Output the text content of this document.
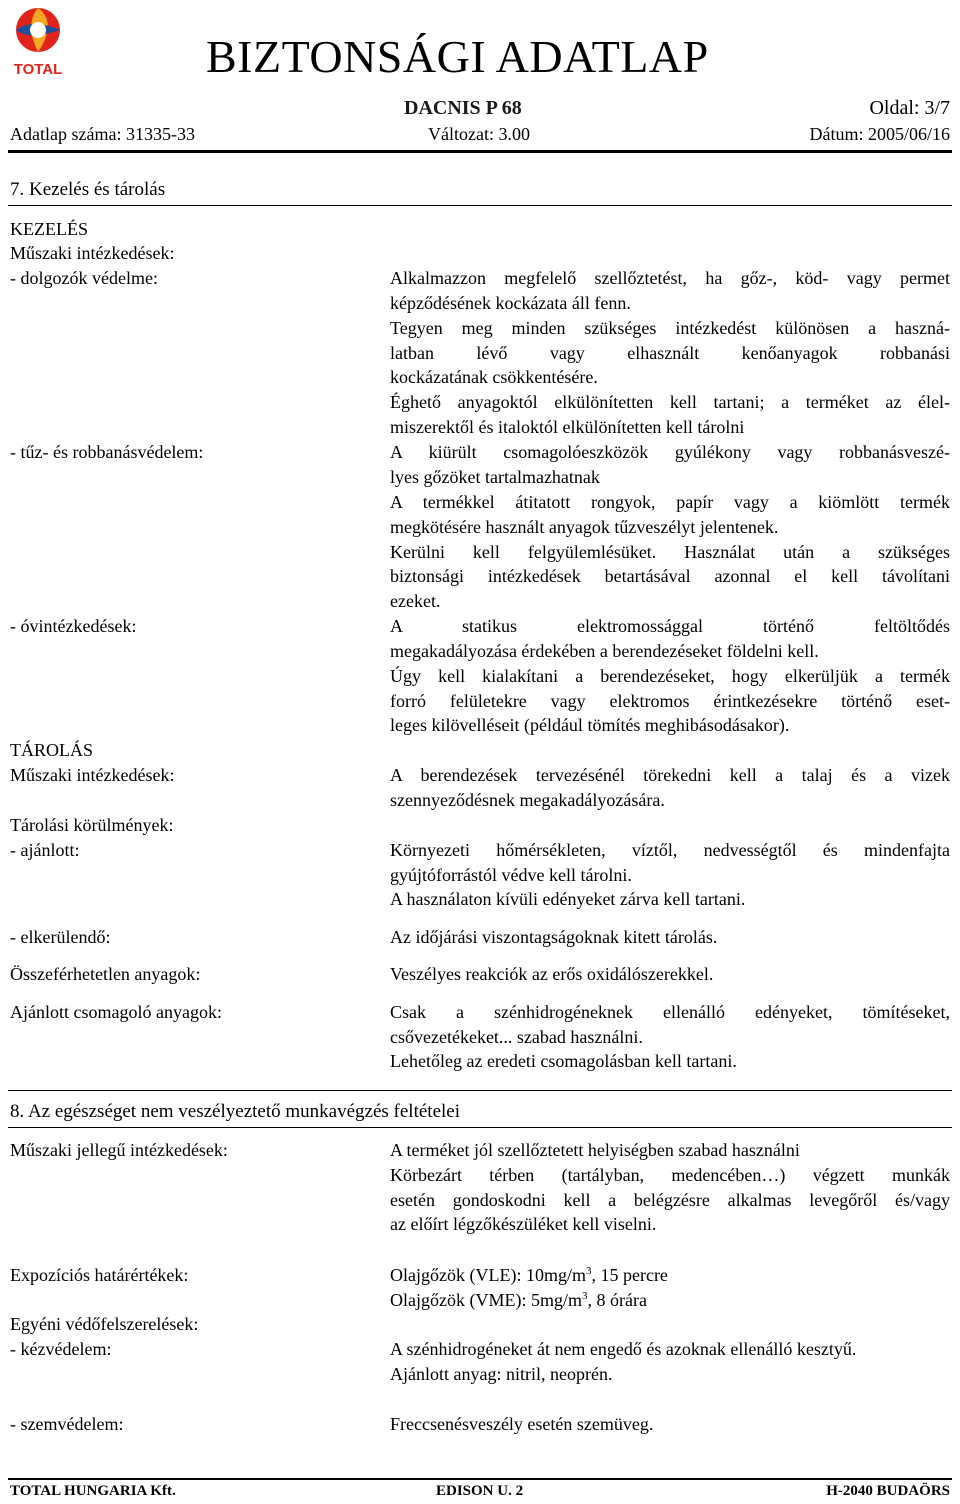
TOTAL	BIZTONSÁGI ADATLAP
DACNIS P 68	Oldal: 3/7
Adatlap száma: 31335-33	Változat: 3.00	Dátum: 2005/06/16
7. Kezelés és tárolás
KEZELÉS
Műszaki intézkedések:
- dolgozók védelme:	Alkalmazzon megfelelő szellőztetést, ha gőz-, köd- vagy permet
képződésének kockázata áll fenn.
Tegyen meg minden szükséges intézkedést különösen a haszná-
latban lévő vagy elhasznált kenőanyagok robbanási
kockázatának csökkentésére.
Éghető anyagoktól elkülönítetten kell tartani; a terméket az élel-
miszerektől és italoktól elkülönítetten kell tárolni
- tűz- és robbanásvédelem:	A kiürült csomagolóeszközök gyúlékony vagy robbanásveszé-
lyes gőzöket tartalmazhatnak
A termékkel átitatott rongyok, papír vagy a kiömlött termék
megkötésére használt anyagok tűzveszélyt jelentenek.
Kerülni kell felgyülemlésüket. Használat után a szükséges
biztonsági intézkedések betartásával azonnal el kell távolítani
ezeket.
- óvintézkedések:	A statikus elektromossággal történő feltöltődés
megakadályozása érdekében a berendezéseket földelni kell.
Úgy kell kialakítani a berendezéseket, hogy elkerüljük a termék
forró felületekre vagy elektromos érintkezésekre történő eset-
leges kilövelléseit (például tömítés meghibásodásakor).
TÁROLÁS
Műszaki intézkedések:	A berendezések tervezésénél törekedni kell a talaj és a vizek
szennyeződésnek megakadályozására.
Tárolási körülmények:
- ajánlott:	Környezeti hőmérsékleten, víztől, nedvességtől és mindenfajta
gyújtóforrástól védve kell tárolni.
A használaton kívüli edényeket zárva kell tartani.
- elkerülendő:	Az időjárási viszontagságoknak kitett tárolás.
Összeférhetetlen anyagok:	Veszélyes reakciók az erős oxidálószerekkel.
Ajánlott csomagoló anyagok:	Csak a szénhidrogéneknek ellenálló edényeket, tömítéseket,
csővezetékeket... szabad használni.
Lehetőleg az eredeti csomagolásban kell tartani.
8. Az egészséget nem veszélyeztető munkavégzés feltételei
Műszaki jellegű intézkedések:	A terméket jól szellőztetett helyiségben szabad használni
Körbezárt térben (tartályban, medencében…) végzett munkák
esetén gondoskodni kell a belégzésre alkalmas levegőről és/vagy
az előírt légzőkészüléket kell viselni.
Expozíciós határértékek:	Olajgőzök (VLE): $10mg/m^3$, 15 percre
Olajgőzök (VME): $5mg/m^3$, 8 órára
Egyéni védőfelszerelések:
- kézvédelem:	A szénhidrogéneket át nem engedő és azoknak ellenálló kesztyű.
Ajánlott anyag: nitril, neoprén.
- szemvédelem:	Freccsenésveszély esetén szemüveg.
TOTAL HUNGARIA Kft.	EDISON U. 2	H-2040 BUDAÖRS
